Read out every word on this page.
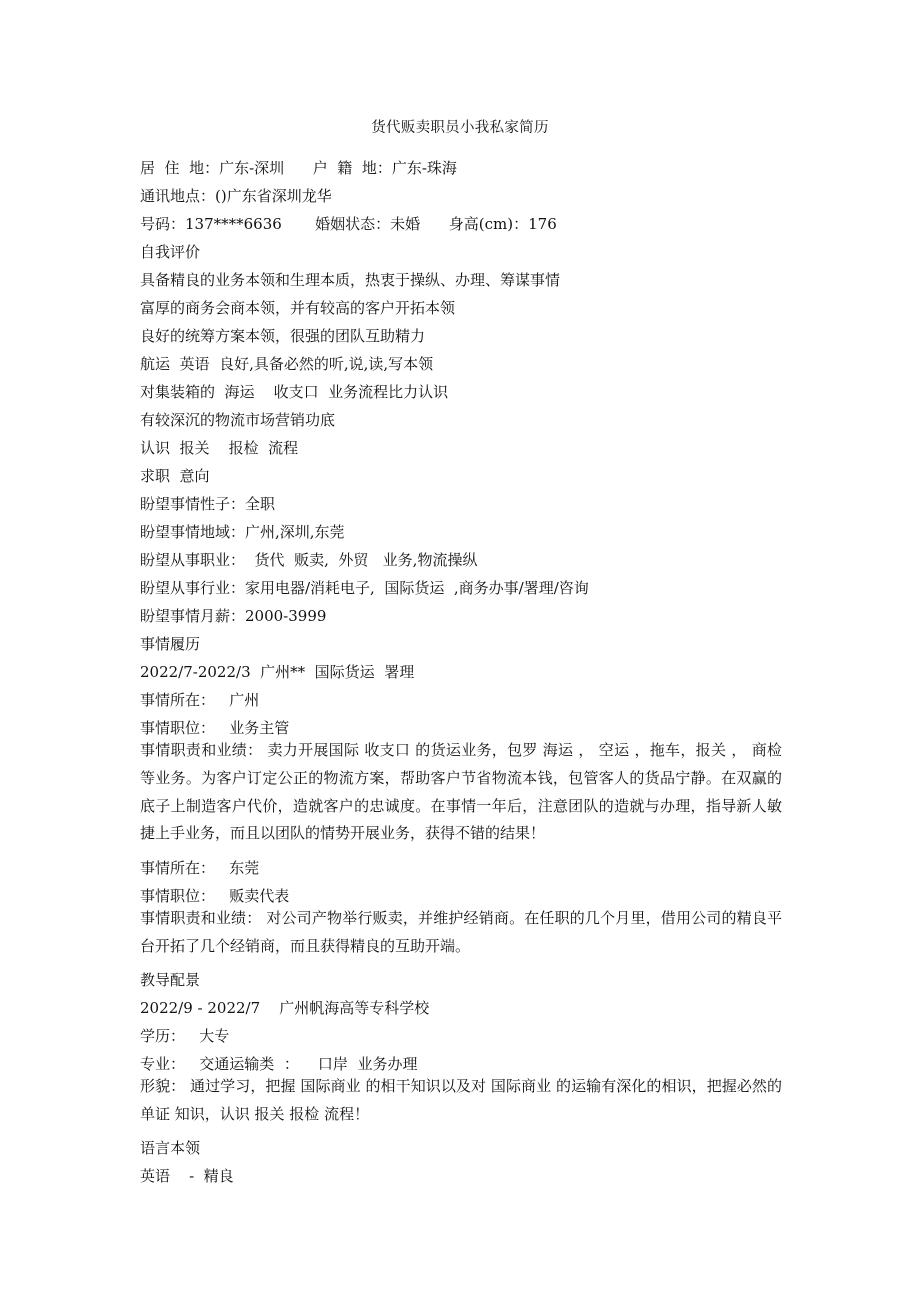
货代贩卖职员小我私家简历
居  住  地：广东-深圳      户  籍  地：广东-珠海
通讯地点：()广东省深圳龙华
号码：137****6636       婚姻状态：未婚      身高(cm)：176
自我评价
具备精良的业务本领和生理本质，热衷于操纵、办理、筹谋事情
富厚的商务会商本领，并有较高的客户开拓本领
良好的统筹方案本领，很强的团队互助精力
航运  英语  良好,具备必然的听,说,读,写本领
对集装箱的  海运    收支口  业务流程比力认识
有较深沉的物流市场营销功底
认识  报关    报检  流程
求职  意向
盼望事情性子：全职
盼望事情地域：广州,深圳,东莞
盼望从事职业：  货代  贩卖,  外贸   业务,物流操纵
盼望从事行业：家用电器/消耗电子,  国际货运  ,商务办事/署理/咨询
盼望事情月薪：2000-3999
事情履历
2022/7-2022/3  广州**  国际货运  署理
事情所在：   广州
事情职位：   业务主管
事情职责和业绩： 卖力开展国际 收支口 的货运业务，包罗 海运 ， 空运 ，拖车，报关 ， 商检 等业务。为客户订定公正的物流方案，帮助客户节省物流本钱，包管客人的货品宁静。在双赢的底子上制造客户代价，造就客户的忠诚度。在事情一年后，注意团队的造就与办理，指导新人敏捷上手业务，而且以团队的情势开展业务，获得不错的结果！
事情所在：   东莞
事情职位：   贩卖代表
事情职责和业绩： 对公司产物举行贩卖，并维护经销商。在任职的几个月里，借用公司的精良平台开拓了几个经销商，而且获得精良的互助开端。
教导配景
2022/9 - 2022/7    广州帆海高等专科学校
学历：   大专
专业：   交通运输类  ：    口岸  业务办理
形貌： 通过学习，把握 国际商业 的相干知识以及对 国际商业 的运输有深化的相识，把握必然的 单证 知识，认识 报关 报检 流程！
语言本领
英语    -  精良
